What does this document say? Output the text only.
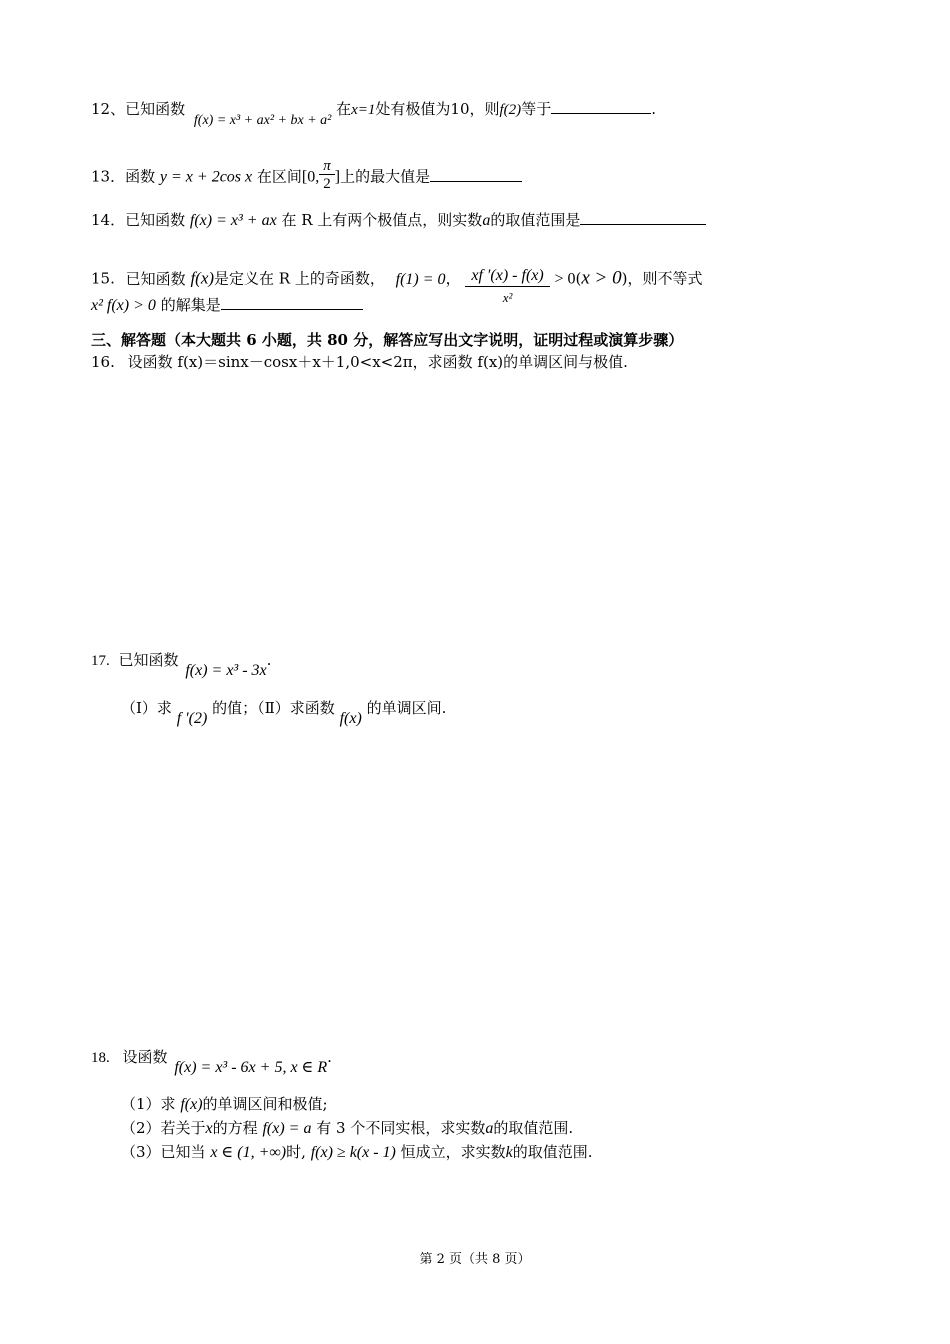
12、已知函数 f(x) = x³ + ax² + bx + a² 在x=1处有极值为10，则f(2)等于	.
13．函数 y = x + 2cos x 在区间[0, $\frac{\pi}{2}$ ]上的最大值是
14．已知函数 f(x) = x³ + ax 在 R 上有两个极值点，则实数a的取值范围是
15. 已知函数 f(x)是定义在 R 上的奇函数， f(1) = 0， $\frac{xf '(x) - f(x)}{\text{x²}} > 0(x > 0)$，则不等式
x² f(x) > 0 的解集是
三、解答题（本大题共 6 小题，共 80 分，解答应写出文字说明，证明过程或演算步骤）
16. 设函数 f(x)＝sinx－cosx＋x＋1,0<x<2π，求函数 f(x)的单调区间与极值.
17. 已知函数 f(x) = x³ - 3x.
（Ⅰ）求 f ′(2) 的值；（Ⅱ）求函数 f(x) 的单调区间.
18. 设函数 f(x) = x³ - 6x + 5, x ∈ R.
（1）求 f(x)的单调区间和极值;
（2）若关于x的方程 f(x) = a 有 3 个不同实根，求实数a的取值范围.
（3）已知当 x ∈ (1, +∞)时, f(x) ≥ k(x - 1) 恒成立，求实数k的取值范围.
第 2 页（共 8 页）
